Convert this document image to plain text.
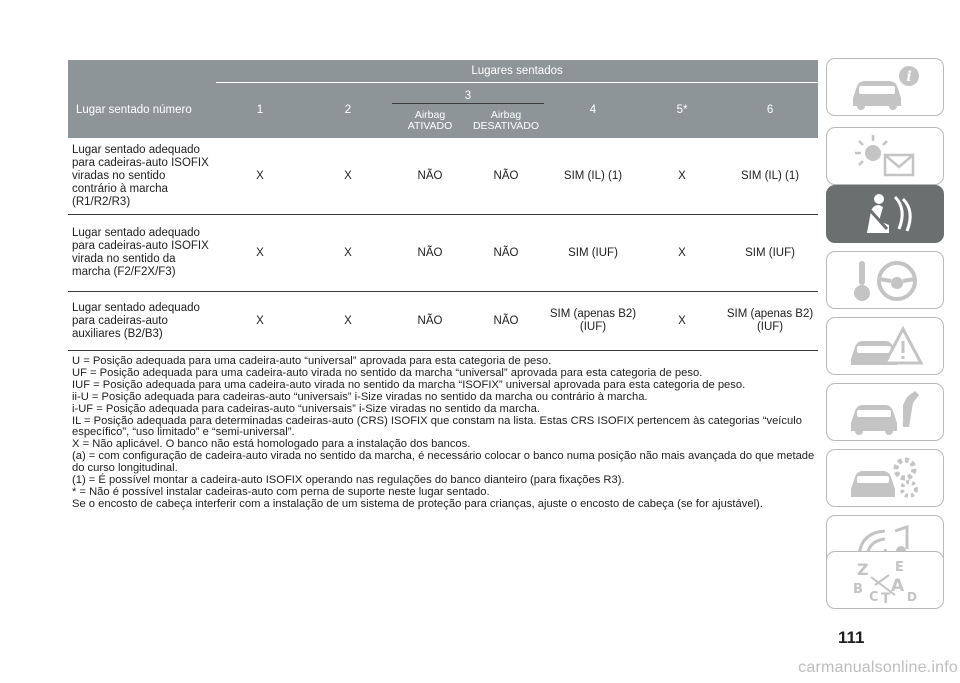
	Lugares sentados						
Lugar sentado número	1	2	3		4	5*	6
			Airbag ATIVADO	Airbag DESATIVADO			
Lugar sentado adequado para cadeiras-auto ISOFIX viradas no sentido contrário à marcha (R1/R2/R3)	X	X	NÃO	NÃO	SIM (IL) (1)	X	SIM (IL) (1)
Lugar sentado adequado para cadeiras-auto ISOFIX virada no sentido da marcha (F2/F2X/F3)	X	X	NÃO	NÃO	SIM (IUF)	X	SIM (IUF)
Lugar sentado adequado para cadeiras-auto auxiliares (B2/B3)	X	X	NÃO	NÃO	SIM (apenas B2) (IUF)	X	SIM (apenas B2) (IUF)

U = Posição adequada para uma cadeira-auto “universal” aprovada para esta categoria de peso.

UF = Posição adequada para uma cadeira-auto virada no sentido da marcha “universal” aprovada para esta categoria de peso.

IUF = Posição adequada para uma cadeira-auto virada no sentido da marcha “ISOFIX” universal aprovada para esta categoria de peso.

ii-U = Posição adequada para cadeiras-auto “universais” i-Size viradas no sentido da marcha ou contrário à marcha.

i-UF = Posição adequada para cadeiras-auto “universais” i-Size viradas no sentido da marcha.

IL = Posição adequada para determinadas cadeiras-auto (CRS) ISOFIX que constam na lista. Estas CRS ISOFIX pertencem às categorias “veículo específico”, “uso limitado” e “semi-universal”.

X = Não aplicável. O banco não está homologado para a instalação dos bancos.

(a) = com configuração de cadeira-auto virada no sentido da marcha, é necessário colocar o banco numa posição não mais avançada do que metade do curso longitudinal.

(1) = É possível montar a cadeira-auto ISOFIX operando nas regulações do banco dianteiro (para fixações R3).

* = Não é possível instalar cadeiras-auto com perna de suporte neste lugar sentado.

Se o encosto de cabeça interferir com a instalação de um sistema de proteção para crianças, ajuste o encosto de cabeça (se for ajustável).

i
Z E
B A
C T D
111
carmanualsonline.info
